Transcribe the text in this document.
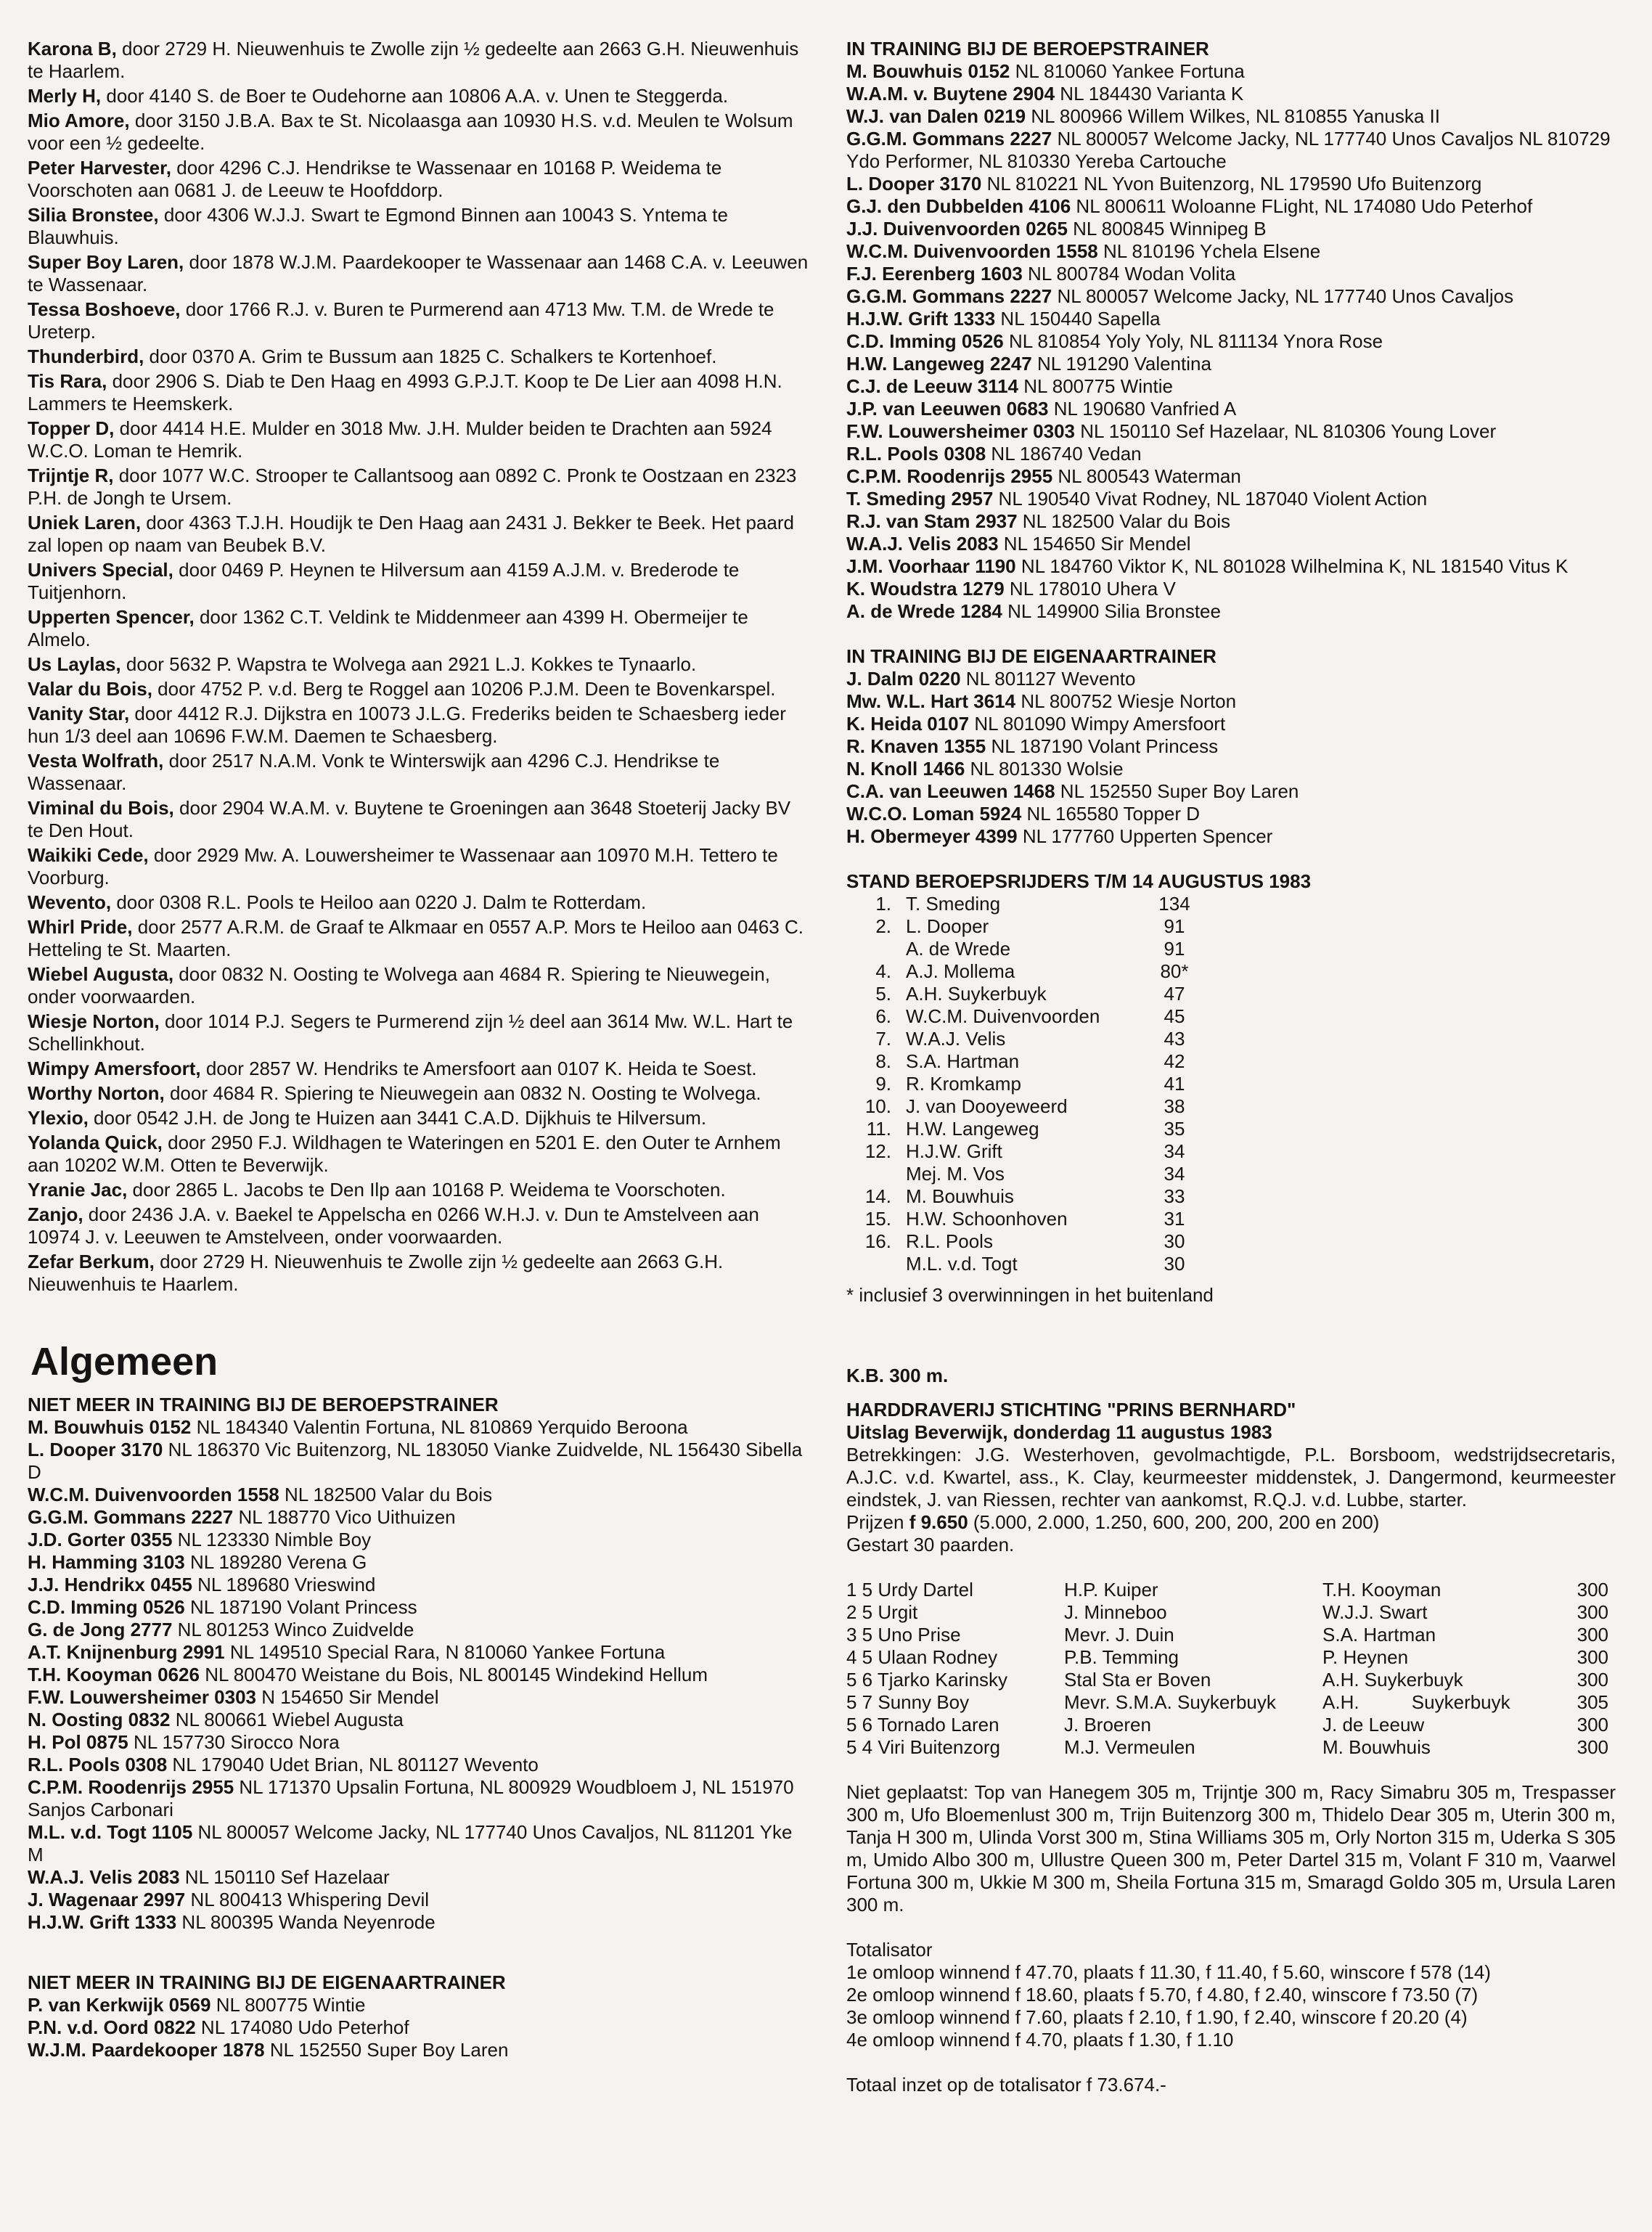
Karona B, door 2729 H. Nieuwenhuis te Zwolle zijn ½ gedeelte aan 2663 G.H. Nieuwenhuis te Haarlem.

Merly H, door 4140 S. de Boer te Oudehorne aan 10806 A.A. v. Unen te Steggerda.

Mio Amore, door 3150 J.B.A. Bax te St. Nicolaasga aan 10930 H.S. v.d. Meulen te Wolsum voor een ½ gedeelte.

Peter Harvester, door 4296 C.J. Hendrikse te Wassenaar en 10168 P. Weidema te Voorschoten aan 0681 J. de Leeuw te Hoofddorp.

Silia Bronstee, door 4306 W.J.J. Swart te Egmond Binnen aan 10043 S. Yntema te Blauwhuis.

Super Boy Laren, door 1878 W.J.M. Paardekooper te Wassenaar aan 1468 C.A. v. Leeuwen te Wassenaar.

Tessa Boshoeve, door 1766 R.J. v. Buren te Purmerend aan 4713 Mw. T.M. de Wrede te Ureterp.

Thunderbird, door 0370 A. Grim te Bussum aan 1825 C. Schalkers te Kortenhoef.

Tis Rara, door 2906 S. Diab te Den Haag en 4993 G.P.J.T. Koop te De Lier aan 4098 H.N. Lammers te Heemskerk.

Topper D, door 4414 H.E. Mulder en 3018 Mw. J.H. Mulder beiden te Drachten aan 5924 W.C.O. Loman te Hemrik.

Trijntje R, door 1077 W.C. Strooper te Callantsoog aan 0892 C. Pronk te Oostzaan en 2323 P.H. de Jongh te Ursem.

Uniek Laren, door 4363 T.J.H. Houdijk te Den Haag aan 2431 J. Bekker te Beek. Het paard zal lopen op naam van Beubek B.V.

Univers Special, door 0469 P. Heynen te Hilversum aan 4159 A.J.M. v. Brederode te Tuitjenhorn.

Upperten Spencer, door 1362 C.T. Veldink te Middenmeer aan 4399 H. Obermeijer te Almelo.

Us Laylas, door 5632 P. Wapstra te Wolvega aan 2921 L.J. Kokkes te Tynaarlo.

Valar du Bois, door 4752 P. v.d. Berg te Roggel aan 10206 P.J.M. Deen te Bovenkarspel.

Vanity Star, door 4412 R.J. Dijkstra en 10073 J.L.G. Frederiks beiden te Schaesberg ieder hun 1/3 deel aan 10696 F.W.M. Daemen te Schaesberg.

Vesta Wolfrath, door 2517 N.A.M. Vonk te Winterswijk aan 4296 C.J. Hendrikse te Wassenaar.

Viminal du Bois, door 2904 W.A.M. v. Buytene te Groeningen aan 3648 Stoeterij Jacky BV te Den Hout.

Waikiki Cede, door 2929 Mw. A. Louwersheimer te Wassenaar aan 10970 M.H. Tettero te Voorburg.

Wevento, door 0308 R.L. Pools te Heiloo aan 0220 J. Dalm te Rotterdam.

Whirl Pride, door 2577 A.R.M. de Graaf te Alkmaar en 0557 A.P. Mors te Heiloo aan 0463 C. Hetteling te St. Maarten.

Wiebel Augusta, door 0832 N. Oosting te Wolvega aan 4684 R. Spiering te Nieuwegein, onder voorwaarden.

Wiesje Norton, door 1014 P.J. Segers te Purmerend zijn ½ deel aan 3614 Mw. W.L. Hart te Schellinkhout.

Wimpy Amersfoort, door 2857 W. Hendriks te Amersfoort aan 0107 K. Heida te Soest.

Worthy Norton, door 4684 R. Spiering te Nieuwegein aan 0832 N. Oosting te Wolvega.

Ylexio, door 0542 J.H. de Jong te Huizen aan 3441 C.A.D. Dijkhuis te Hilversum.

Yolanda Quick, door 2950 F.J. Wildhagen te Wateringen en 5201 E. den Outer te Arnhem aan 10202 W.M. Otten te Beverwijk.

Yranie Jac, door 2865 L. Jacobs te Den Ilp aan 10168 P. Weidema te Voorschoten.

Zanjo, door 2436 J.A. v. Baekel te Appelscha en 0266 W.H.J. v. Dun te Amstelveen aan 10974 J. v. Leeuwen te Amstelveen, onder voorwaarden.

Zefar Berkum, door 2729 H. Nieuwenhuis te Zwolle zijn ½ gedeelte aan 2663 G.H. Nieuwenhuis te Haarlem.

Algemeen

NIET MEER IN TRAINING BIJ DE BEROEPSTRAINER

M. Bouwhuis 0152 NL 184340 Valentin Fortuna, NL 810869 Yerquido Beroona

L. Dooper 3170 NL 186370 Vic Buitenzorg, NL 183050 Vianke Zuidvelde, NL 156430 Sibella D

W.C.M. Duivenvoorden 1558 NL 182500 Valar du Bois

G.G.M. Gommans 2227 NL 188770 Vico Uithuizen

J.D. Gorter 0355 NL 123330 Nimble Boy

H. Hamming 3103 NL 189280 Verena G

J.J. Hendrikx 0455 NL 189680 Vrieswind

C.D. Imming 0526 NL 187190 Volant Princess

G. de Jong 2777 NL 801253 Winco Zuidvelde

A.T. Knijnenburg 2991 NL 149510 Special Rara, N 810060 Yankee Fortuna

T.H. Kooyman 0626 NL 800470 Weistane du Bois, NL 800145 Windekind Hellum

F.W. Louwersheimer 0303 N 154650 Sir Mendel

N. Oosting 0832 NL 800661 Wiebel Augusta

H. Pol 0875 NL 157730 Sirocco Nora

R.L. Pools 0308 NL 179040 Udet Brian, NL 801127 Wevento

C.P.M. Roodenrijs 2955 NL 171370 Upsalin Fortuna, NL 800929 Woudbloem J, NL 151970 Sanjos Carbonari

M.L. v.d. Togt 1105 NL 800057 Welcome Jacky, NL 177740 Unos Cavaljos, NL 811201 Yke M

W.A.J. Velis 2083 NL 150110 Sef Hazelaar

J. Wagenaar 2997 NL 800413 Whispering Devil

H.J.W. Grift 1333 NL 800395 Wanda Neyenrode

NIET MEER IN TRAINING BIJ DE EIGENAARTRAINER

P. van Kerkwijk 0569 NL 800775 Wintie

P.N. v.d. Oord 0822 NL 174080 Udo Peterhof

W.J.M. Paardekooper 1878 NL 152550 Super Boy Laren

IN TRAINING BIJ DE BEROEPSTRAINER

M. Bouwhuis 0152 NL 810060 Yankee Fortuna

W.A.M. v. Buytene 2904 NL 184430 Varianta K

W.J. van Dalen 0219 NL 800966 Willem Wilkes, NL 810855 Yanuska II

G.G.M. Gommans 2227 NL 800057 Welcome Jacky, NL 177740 Unos Cavaljos NL 810729 Ydo Performer, NL 810330 Yereba Cartouche

L. Dooper 3170 NL 810221 NL Yvon Buitenzorg, NL 179590 Ufo Buitenzorg

G.J. den Dubbelden 4106 NL 800611 Woloanne FLight, NL 174080 Udo Peterhof

J.J. Duivenvoorden 0265 NL 800845 Winnipeg B

W.C.M. Duivenvoorden 1558 NL 810196 Ychela Elsene

F.J. Eerenberg 1603 NL 800784 Wodan Volita

G.G.M. Gommans 2227 NL 800057 Welcome Jacky, NL 177740 Unos Cavaljos

H.J.W. Grift 1333 NL 150440 Sapella

C.D. Imming 0526 NL 810854 Yoly Yoly, NL 811134 Ynora Rose

H.W. Langeweg 2247 NL 191290 Valentina

C.J. de Leeuw 3114 NL 800775 Wintie

J.P. van Leeuwen 0683 NL 190680 Vanfried A

F.W. Louwersheimer 0303 NL 150110 Sef Hazelaar, NL 810306 Young Lover

R.L. Pools 0308 NL 186740 Vedan

C.P.M. Roodenrijs 2955 NL 800543 Waterman

T. Smeding 2957 NL 190540 Vivat Rodney, NL 187040 Violent Action

R.J. van Stam 2937 NL 182500 Valar du Bois

W.A.J. Velis 2083 NL 154650 Sir Mendel

J.M. Voorhaar 1190 NL 184760 Viktor K, NL 801028 Wilhelmina K, NL 181540 Vitus K

K. Woudstra 1279 NL 178010 Uhera V

A. de Wrede 1284 NL 149900 Silia Bronstee

IN TRAINING BIJ DE EIGENAARTRAINER

J. Dalm 0220 NL 801127 Wevento

Mw. W.L. Hart 3614 NL 800752 Wiesje Norton

K. Heida 0107 NL 801090 Wimpy Amersfoort

R. Knaven 1355 NL 187190 Volant Princess

N. Knoll 1466 NL 801330 Wolsie

C.A. van Leeuwen 1468 NL 152550 Super Boy Laren

W.C.O. Loman 5924 NL 165580 Topper D

H. Obermeyer 4399 NL 177760 Upperten Spencer

STAND BEROEPSRIJDERS T/M 14 AUGUSTUS 1983

1.	T. Smeding	134
2.	L. Dooper	91
	A. de Wrede	91
4.	A.J. Mollema	80*
5.	A.H. Suykerbuyk	47
6.	W.C.M. Duivenvoorden	45
7.	W.A.J. Velis	43
8.	S.A. Hartman	42
9.	R. Kromkamp	41
10.	J. van Dooyeweerd	38
11.	H.W. Langeweg	35
12.	H.J.W. Grift	34
	Mej. M. Vos	34
14.	M. Bouwhuis	33
15.	H.W. Schoonhoven	31
16.	R.L. Pools	30
	M.L. v.d. Togt	30

* inclusief 3 overwinningen in het buitenland

K.B. 300 m.

HARDDRAVERIJ STICHTING "PRINS BERNHARD"

Uitslag Beverwijk, donderdag 11 augustus 1983

Betrekkingen: J.G. Westerhoven, gevolmachtigde, P.L. Borsboom, wedstrijdsecretaris, A.J.C. v.d. Kwartel, ass., K. Clay, keurmeester middenstek, J. Dangermond, keurmeester eindstek, J. van Riessen, rechter van aankomst, R.Q.J. v.d. Lubbe, starter.

Prijzen f 9.650 (5.000, 2.000, 1.250, 600, 200, 200, 200 en 200)

Gestart 30 paarden.

1 5 Urdy Dartel	H.P. Kuiper	T.H. Kooyman	300
2 5 Urgit	J. Minneboo	W.J.J. Swart	300
3 5 Uno Prise	Mevr. J. Duin	S.A. Hartman	300
4 5 Ulaan Rodney	P.B. Temming	P. Heynen	300
5 6 Tjarko Karinsky	Stal Sta er Boven	A.H. Suykerbuyk	300
5 7 Sunny Boy	Mevr. S.M.A. Suykerbuyk	A.H.          Suykerbuyk	305
5 6 Tornado Laren	J. Broeren	J. de Leeuw	300
5 4 Viri Buitenzorg	M.J. Vermeulen	M. Bouwhuis	300

Niet geplaatst: Top van Hanegem 305 m, Trijntje 300 m, Racy Simabru 305 m, Trespasser 300 m, Ufo Bloemenlust 300 m, Trijn Buitenzorg 300 m, Thidelo Dear 305 m, Uterin 300 m, Tanja H 300 m, Ulinda Vorst 300 m, Stina Williams 305 m, Orly Norton 315 m, Uderka S 305 m, Umido Albo 300 m, Ullustre Queen 300 m, Peter Dartel 315 m, Volant F 310 m, Vaarwel Fortuna 300 m, Ukkie M 300 m, Sheila Fortuna 315 m, Smaragd Goldo 305 m, Ursula Laren 300 m.

Totalisator

1e omloop winnend f 47.70, plaats f 11.30, f 11.40, f 5.60, winscore f 578 (14)

2e omloop winnend f 18.60, plaats f 5.70, f 4.80, f 2.40, winscore f 73.50 (7)

3e omloop winnend f 7.60, plaats f 2.10, f 1.90, f 2.40, winscore f 20.20 (4)

4e omloop winnend f 4.70, plaats f 1.30, f 1.10

Totaal inzet op de totalisator f 73.674.-
